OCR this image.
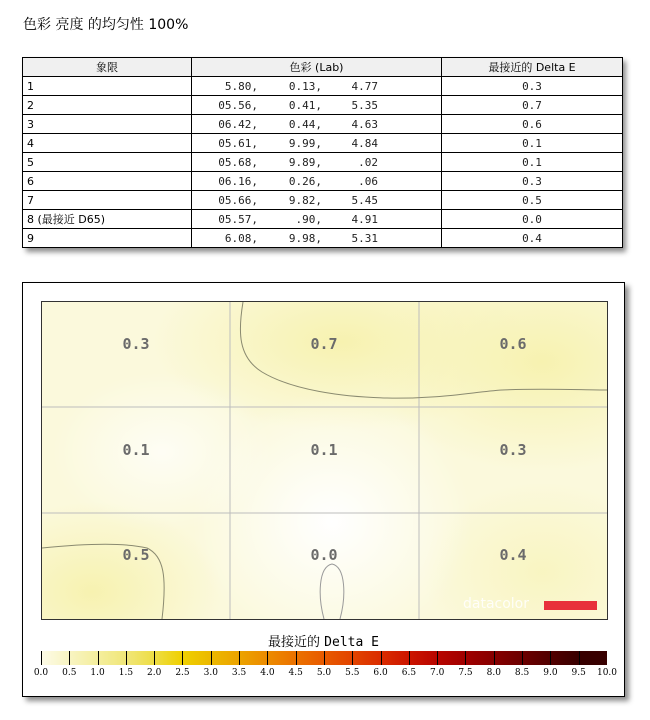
色彩 亮度 的均匀性 100%
象限	色彩 (Lab)	最接近的 Delta E
1	5.80, 0.13, 4.77	0.3
2	05.56, 0.41, 5.35	0.7
3	06.42, 0.44, 4.63	0.6
4	05.61, 9.99, 4.84	0.1
5	05.68, 9.89, .02	0.1
6	06.16, 0.26, .06	0.3
7	05.66, 9.82, 5.45	0.5
8 (最接近 D65)	05.57, .90, 4.91	0.0
9	6.08, 9.98, 5.31	0.4
0.3	0.7	0.6
0.1	0.1	0.3
0.5	0.0	0.4
datacolor
最接近的 Delta E
0.0 0.5 1.0 1.5 2.0 2.5 3.0 3.5 4.0 4.5 5.0 5.5 6.0 6.5 7.0 7.5 8.0 8.5 9.0 9.5 10.0
